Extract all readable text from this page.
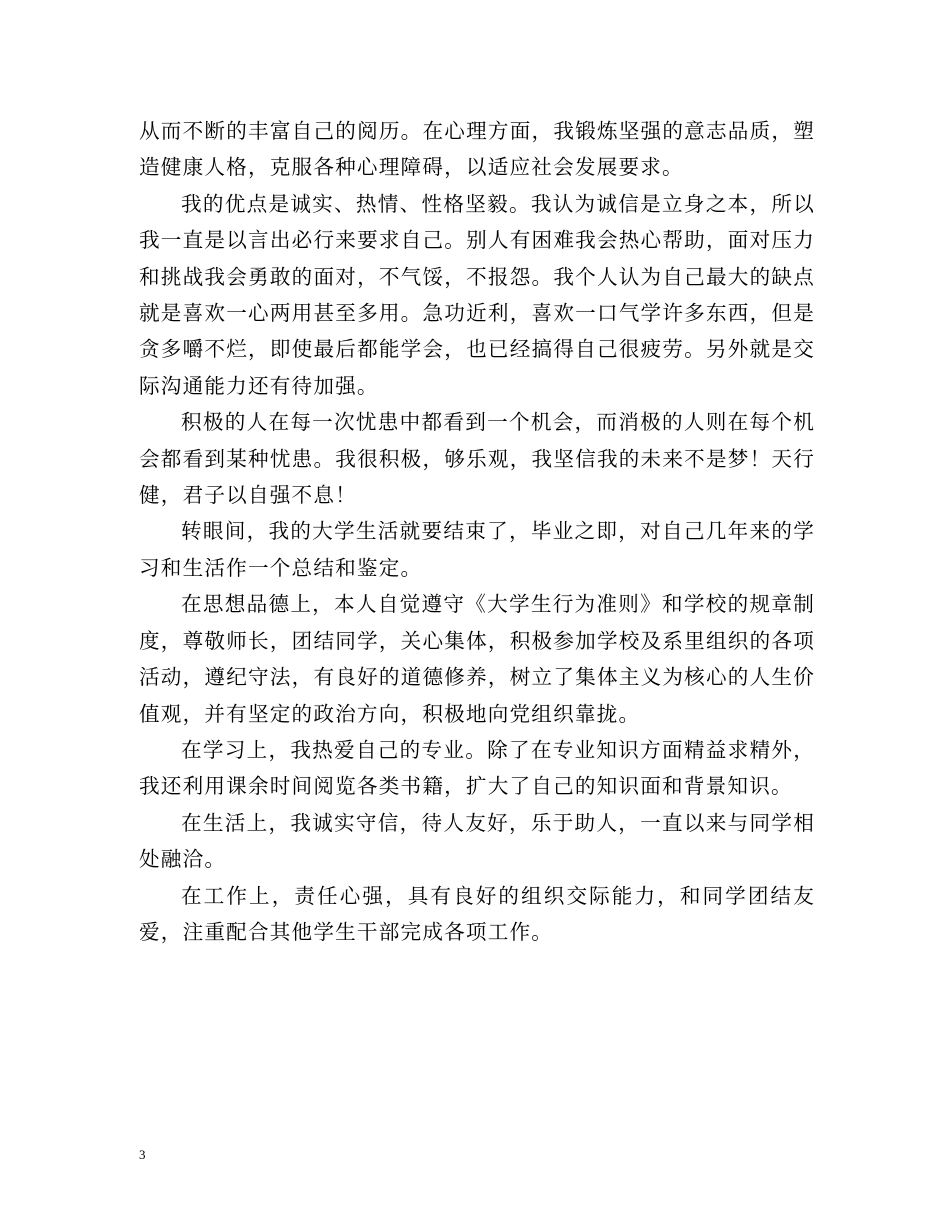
从而不断的丰富自己的阅历。在心理方面，我锻炼坚强的意志品质，塑造健康人格，克服各种心理障碍，以适应社会发展要求。

我的优点是诚实、热情、性格坚毅。我认为诚信是立身之本，所以我一直是以言出必行来要求自己。别人有困难我会热心帮助，面对压力和挑战我会勇敢的面对，不气馁，不报怨。我个人认为自己最大的缺点就是喜欢一心两用甚至多用。急功近利，喜欢一口气学许多东西，但是贪多嚼不烂，即使最后都能学会，也已经搞得自己很疲劳。另外就是交际沟通能力还有待加强。

积极的人在每一次忧患中都看到一个机会，而消极的人则在每个机会都看到某种忧患。我很积极，够乐观，我坚信我的未来不是梦！天行健，君子以自强不息！

转眼间，我的大学生活就要结束了，毕业之即，对自己几年来的学习和生活作一个总结和鉴定。

在思想品德上，本人自觉遵守《大学生行为准则》和学校的规章制度，尊敬师长，团结同学，关心集体，积极参加学校及系里组织的各项活动，遵纪守法，有良好的道德修养，树立了集体主义为核心的人生价值观，并有坚定的政治方向，积极地向党组织靠拢。

在学习上，我热爱自己的专业。除了在专业知识方面精益求精外，我还利用课余时间阅览各类书籍，扩大了自己的知识面和背景知识。

在生活上，我诚实守信，待人友好，乐于助人，一直以来与同学相处融洽。

在工作上，责任心强，具有良好的组织交际能力，和同学团结友爱，注重配合其他学生干部完成各项工作。

3
